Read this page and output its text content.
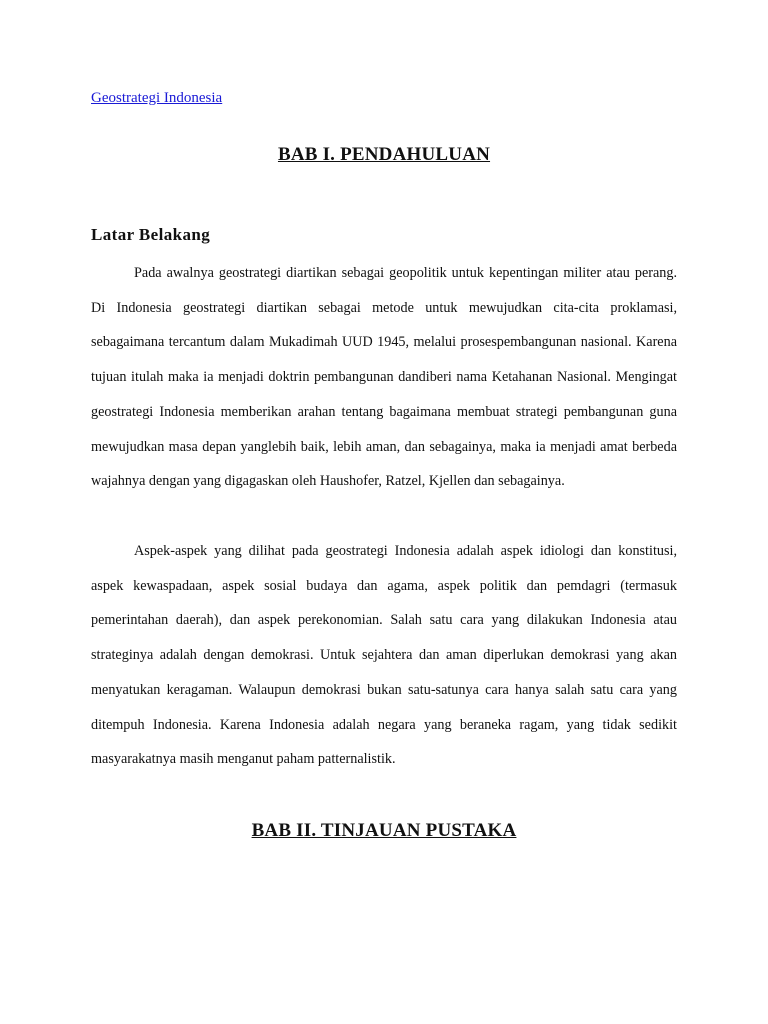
Geostrategi Indonesia
BAB I. PENDAHULUAN
Latar Belakang

Pada awalnya geostrategi diartikan sebagai geopolitik untuk kepentingan militer atau perang. Di Indonesia geostrategi diartikan sebagai metode untuk mewujudkan cita-cita proklamasi, sebagaimana tercantum dalam Mukadimah UUD 1945, melalui prosespembangunan nasional. Karena tujuan itulah maka ia menjadi doktrin pembangunan dandiberi nama Ketahanan Nasional. Mengingat geostrategi Indonesia memberikan arahan tentang bagaimana membuat strategi pembangunan guna mewujudkan masa depan yanglebih baik, lebih aman, dan sebagainya, maka ia menjadi amat berbeda wajahnya dengan yang digagaskan oleh Haushofer, Ratzel, Kjellen dan sebagainya.

Aspek-aspek yang dilihat pada geostrategi Indonesia adalah aspek idiologi dan konstitusi, aspek kewaspadaan, aspek sosial budaya dan agama, aspek politik dan pemdagri (termasuk pemerintahan daerah), dan aspek perekonomian. Salah satu cara yang dilakukan Indonesia atau strateginya adalah dengan demokrasi. Untuk sejahtera dan aman diperlukan demokrasi yang akan menyatukan keragaman. Walaupun demokrasi bukan satu-satunya cara hanya salah satu cara yang ditempuh Indonesia. Karena Indonesia adalah negara yang beraneka ragam, yang tidak sedikit masyarakatnya masih menganut paham patternalistik.

BAB II. TINJAUAN PUSTAKA
